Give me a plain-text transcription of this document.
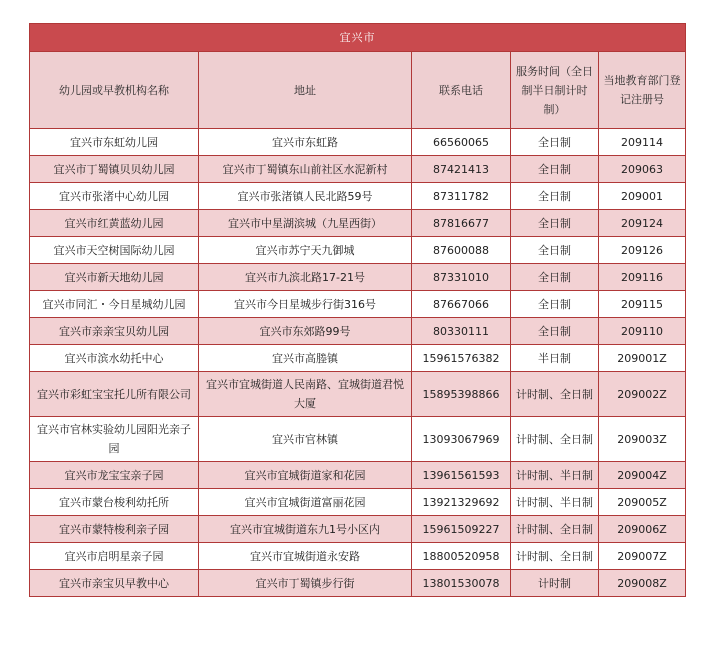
宜兴市				
幼儿园或早教机构名称	地址	联系电话	服务时间（全日制半日制计时制）	当地教育部门登记注册号
宜兴市东虹幼儿园	宜兴市东虹路	66560065	全日制	209114
宜兴市丁蜀镇贝贝幼儿园	宜兴市丁蜀镇东山前社区水泥新村	87421413	全日制	209063
宜兴市张渚中心幼儿园	宜兴市张渚镇人民北路59号	87311782	全日制	209001
宜兴市红黄蓝幼儿园	宜兴市中星湖滨城（九星西街）	87816677	全日制	209124
宜兴市天空树国际幼儿园	宜兴市苏宁天九御城	87600088	全日制	209126
宜兴市新天地幼儿园	宜兴市九滨北路17-21号	87331010	全日制	209116
宜兴市同汇・今日星城幼儿园	宜兴市今日星城步行街316号	87667066	全日制	209115
宜兴市亲亲宝贝幼儿园	宜兴市东郊路99号	80330111	全日制	209110
宜兴市滨水幼托中心	宜兴市高塍镇	15961576382	半日制	209001Z
宜兴市彩虹宝宝托儿所有限公司	宜兴市宜城街道人民南路、宜城街道君悦大厦	15895398866	计时制、全日制	209002Z
宜兴市官林实验幼儿园阳光亲子园	宜兴市官林镇	13093067969	计时制、全日制	209003Z
宜兴市龙宝宝亲子园	宜兴市宜城街道家和花园	13961561593	计时制、半日制	209004Z
宜兴市蒙台梭利幼托所	宜兴市宜城街道富丽花园	13921329692	计时制、半日制	209005Z
宜兴市蒙特梭利亲子园	宜兴市宜城街道东九1号小区内	15961509227	计时制、全日制	209006Z
宜兴市启明星亲子园	宜兴市宜城街道永安路	18800520958	计时制、全日制	209007Z
宜兴市亲宝贝早教中心	宜兴市丁蜀镇步行街	13801530078	计时制	209008Z
